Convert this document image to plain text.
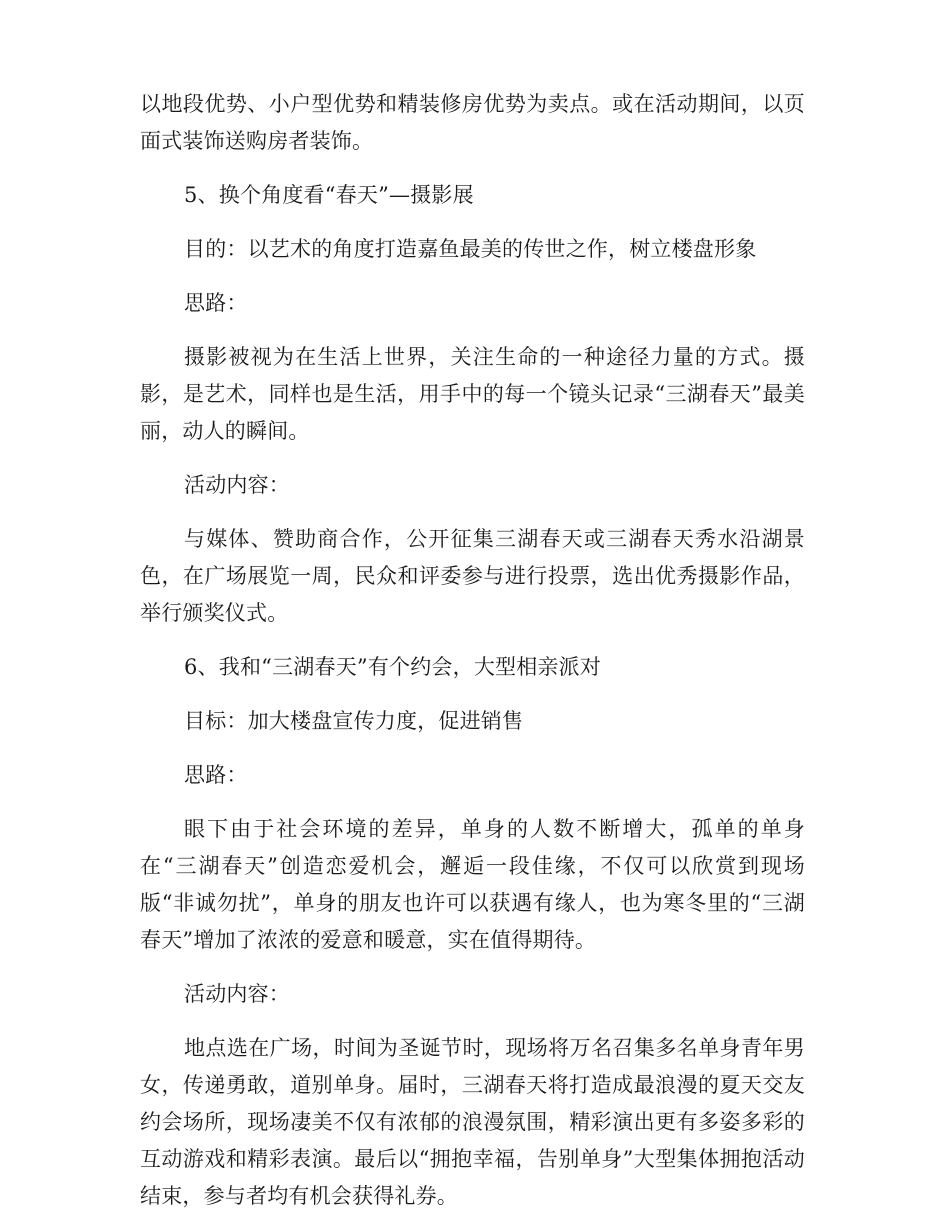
以地段优势、小户型优势和精装修房优势为卖点。或在活动期间，以页面式装饰送购房者装饰。

5、换个角度看“春天”—摄影展

目的：以艺术的角度打造嘉鱼最美的传世之作，树立楼盘形象

思路：

摄影被视为在生活上世界，关注生命的一种途径力量的方式。摄影，是艺术，同样也是生活，用手中的每一个镜头记录“三湖春天”最美丽，动人的瞬间。

活动内容：

与媒体、赞助商合作，公开征集三湖春天或三湖春天秀水沿湖景色，在广场展览一周，民众和评委参与进行投票，选出优秀摄影作品，举行颁奖仪式。

6、我和“三湖春天”有个约会，大型相亲派对

目标：加大楼盘宣传力度，促进销售

思路：

眼下由于社会环境的差异，单身的人数不断增大，孤单的单身在“三湖春天”创造恋爱机会，邂逅一段佳缘，不仅可以欣赏到现场版“非诚勿扰”，单身的朋友也许可以获遇有缘人，也为寒冬里的“三湖春天”增加了浓浓的爱意和暖意，实在值得期待。

活动内容：

地点选在广场，时间为圣诞节时，现场将万名召集多名单身青年男女，传递勇敢，道别单身。届时，三湖春天将打造成最浪漫的夏天交友约会场所，现场凄美不仅有浓郁的浪漫氛围，精彩演出更有多姿多彩的互动游戏和精彩表演。最后以“拥抱幸福，告别单身”大型集体拥抱活动结束，参与者均有机会获得礼券。
